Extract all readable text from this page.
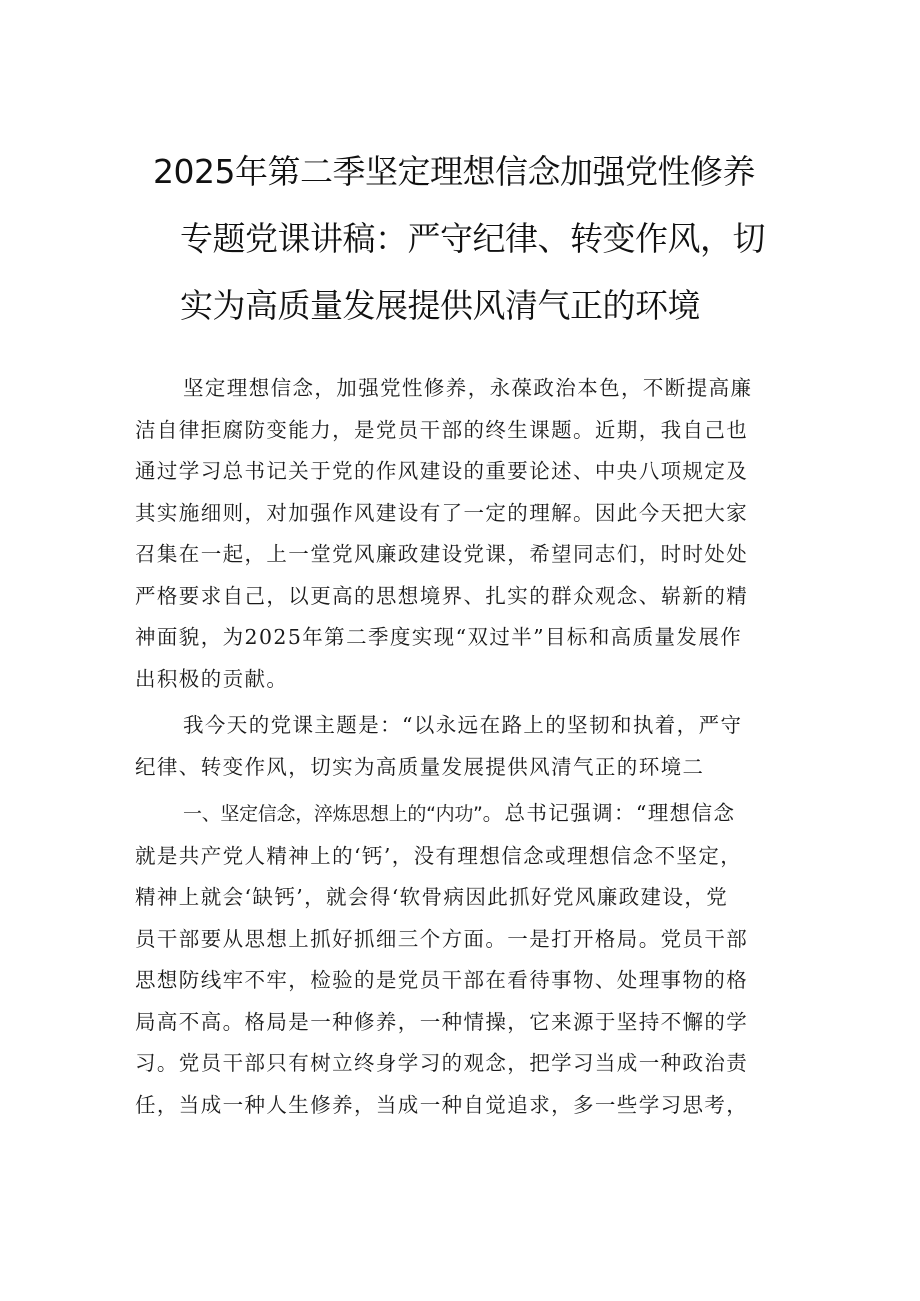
2025年第二季坚定理想信念加强党性修养
专题党课讲稿：严守纪律、转变作风，切
实为高质量发展提供风清气正的环境

坚定理想信念，加强党性修养，永葆政治本色，不断提高廉
洁自律拒腐防变能力，是党员干部的终生课题。近期，我自己也
通过学习总书记关于党的作风建设的重要论述、中央八项规定及
其实施细则，对加强作风建设有了一定的理解。因此今天把大家
召集在一起，上一堂党风廉政建设党课，希望同志们，时时处处
严格要求自己，以更高的思想境界、扎实的群众观念、崭新的精
神面貌，为2025年第二季度实现“双过半”目标和高质量发展作
出积极的贡献。

我今天的党课主题是：“以永远在路上的坚韧和执着，严守
纪律、转变作风，切实为高质量发展提供风清气正的环境二

一、坚定信念，淬炼思想上的“内功”。总书记强调：“理想信念
就是共产党人精神上的‘钙’，没有理想信念或理想信念不坚定，
精神上就会‘缺钙’，就会得‘软骨病因此抓好党风廉政建设，党
员干部要从思想上抓好抓细三个方面。一是打开格局。党员干部
思想防线牢不牢，检验的是党员干部在看待事物、处理事物的格
局高不高。格局是一种修养，一种情操，它来源于坚持不懈的学
习。党员干部只有树立终身学习的观念，把学习当成一种政治责
任，当成一种人生修养，当成一种自觉追求，多一些学习思考，
